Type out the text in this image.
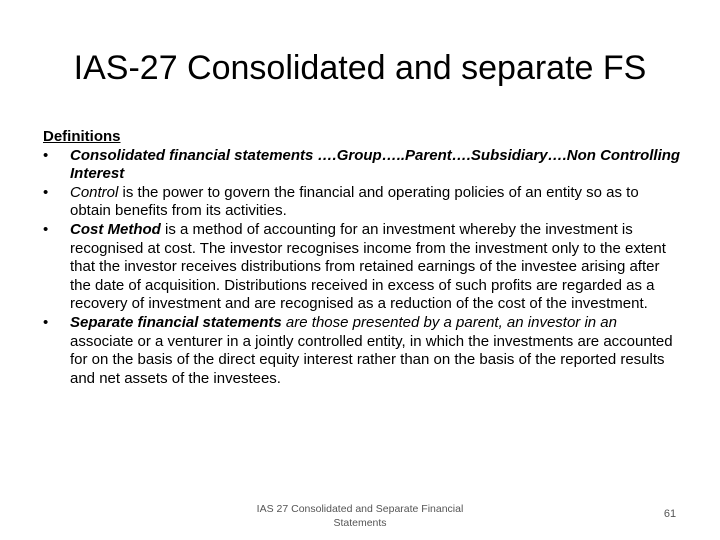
IAS-27 Consolidated and separate FS
Definitions
•	Consolidated financial statements ….Group…..Parent….Subsidiary….Non Controlling Interest
•	Control is the power to govern the financial and operating policies of an entity so as to obtain benefits from its activities.
•	Cost Method is a method of accounting for an investment whereby the investment is recognised at cost. The investor recognises income from the investment only to the extent that the investor receives distributions from retained earnings of the investee arising after the date of acquisition. Distributions received in excess of such profits are regarded as a recovery of investment and are recognised as a reduction of the cost of the investment.
•	Separate financial statements are those presented by a parent, an investor in an associate or a venturer in a jointly controlled entity, in which the investments are accounted for on the basis of the direct equity interest rather than on the basis of the reported results and net assets of the investees.
IAS 27 Consolidated and Separate Financial Statements
61
